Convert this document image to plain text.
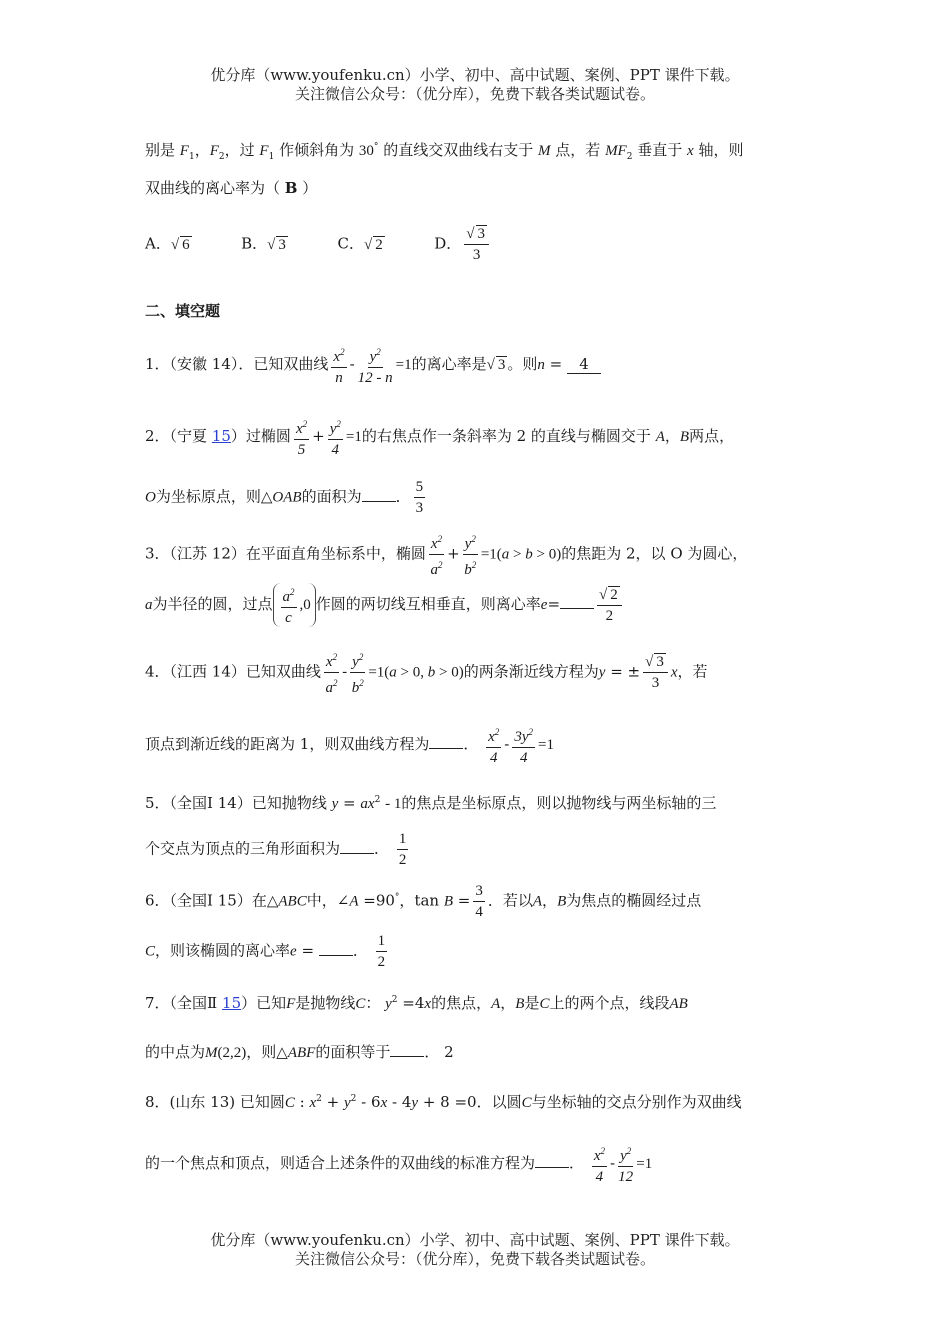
优分库（www.youfenku.cn）小学、初中、高中试题、案例、PPT 课件下载。
关注微信公众号：（优分库），免费下载各类试题试卷。
别是 $F_1$，$F_2$，过 $F_1$ 作倾斜角为 30° 的直线交双曲线右支于 M 点，若 $MF_2$ 垂直于 x 轴，则
双曲线的离心率为（ B ）
A．√ 6	B．√ 3	C．√ 2	D． $\frac{√ 3}{3}$
二、填空题
1．（安徽 14）．已知双曲线 $\frac{x^2}{n} - \frac{y^2}{12 - n} =1$的离心率是√ 3 。则n = 4
2．（宁夏 15）过椭圆 $\frac{x^2}{5} + \frac{y^2}{4} =1$的右焦点作一条斜率为 2 的直线与椭圆交于 A，B两点，
O为坐标原点，则△OAB的面积为 ． $\frac{5}{3}$
3．（江苏 12）在平面直角坐标系中，椭圆 $\frac{x^2}{a^2} + \frac{y^2}{b^2} =1(a > b > 0)$的焦距为 2，以 O 为圆心，
a为半径的圆，过点 $a^2$
c
,0 作圆的两切线互相垂直，则离心率$e= \frac{√ 2}{2}$
4．（江西 14）已知双曲线 $\frac{x^2}{a^2} - \frac{y^2}{b^2} =1(a > 0$, b > 0)的两条渐近线方程为y = ± $\frac{√ 3}{3}$ x，若
顶点到渐近线的距离为 1，则双曲线方程为 ． $\frac{x^2}{4} - \frac{3y^2}{4} =1$
5．（全国Ⅰ 14）已知抛物线 $y = ax^2 - 1$的焦点是坐标原点，则以抛物线与两坐标轴的三
个交点为顶点的三角形面积为 ． $\frac{1}{2}$
6．（全国Ⅰ 15）在△ABC中，∠A =90°，$\tan B = \frac{3}{4}$ ．若以A，B为焦点的椭圆经过点
C，则该椭圆的离心率e = ． $\frac{1}{2}$
7．（全国Ⅱ 15）已知F是抛物线C： $y^2 =4x$的焦点，A，B是C上的两个点，线段AB
的中点为M(2,2)，则△ABF的面积等于 ． 2
8．(山东 13) 已知圆C : $x^2 + y^2 - 6x - 4y + 8 =0$．以圆C与坐标轴的交点分别作为双曲线
的一个焦点和顶点，则适合上述条件的双曲线的标准方程为 ． $\frac{x^2}{4} - \frac{y^2}{12} =1$
优分库（www.youfenku.cn）小学、初中、高中试题、案例、PPT 课件下载。
关注微信公众号：（优分库），免费下载各类试题试卷。
